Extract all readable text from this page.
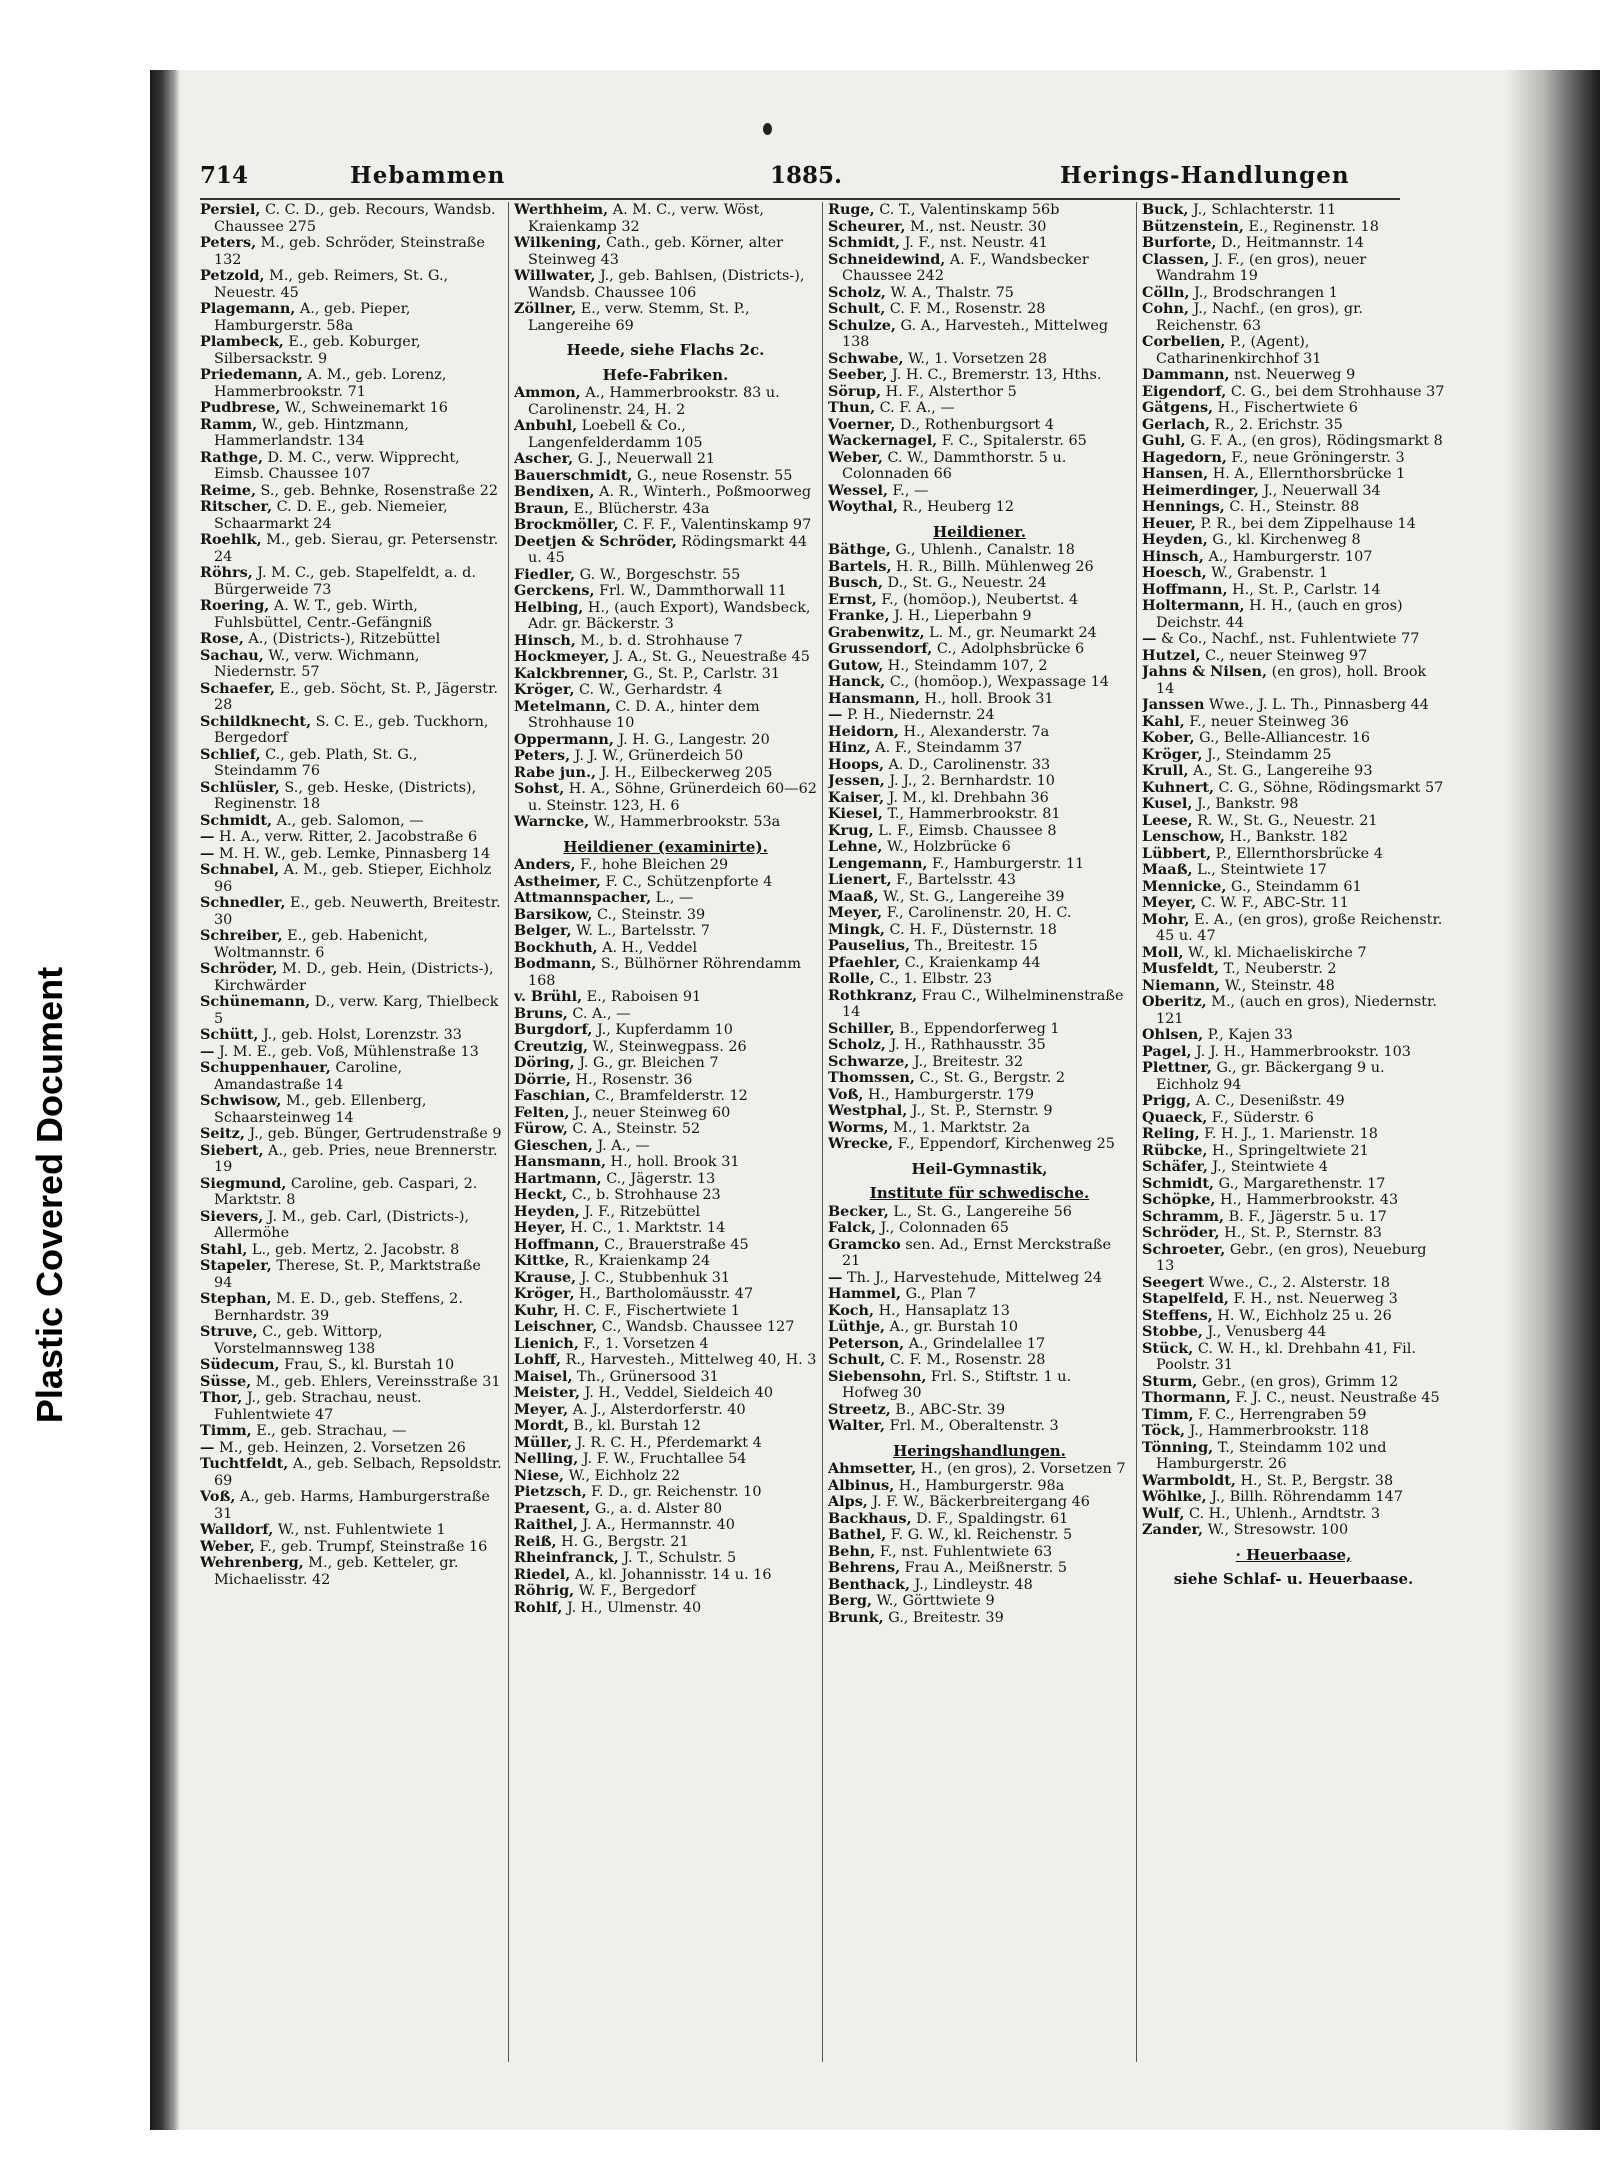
Plastic Covered Document
714	Hebammen	1885.	Herings-Handlungen
Persiel, C. C. D., geb. Recours, Wandsb. Chaussee 275
Peters, M., geb. Schröder, Steinstraße 132
Petzold, M., geb. Reimers, St. G., Neuestr. 45
Plagemann, A., geb. Pieper, Hamburgerstr. 58a
Plambeck, E., geb. Koburger, Silbersackstr. 9
Priedemann, A. M., geb. Lorenz, Hammerbrookstr. 71
Pudbrese, W., Schweinemarkt 16
Ramm, W., geb. Hintzmann, Hammerlandstr. 134
Rathge, D. M. C., verw. Wipprecht, Eimsb. Chaussee 107
Reime, S., geb. Behnke, Rosenstraße 22
Ritscher, C. D. E., geb. Niemeier, Schaarmarkt 24
Roehlk, M., geb. Sierau, gr. Petersenstr. 24
Röhrs, J. M. C., geb. Stapelfeldt, a. d. Bürgerweide 73
Roering, A. W. T., geb. Wirth, Fuhlsbüttel, Centr.-Gefängniß
Rose, A., (Districts-), Ritzebüttel
Sachau, W., verw. Wichmann, Niedernstr. 57
Schaefer, E., geb. Söcht, St. P., Jägerstr. 28
Schildknecht, S. C. E., geb. Tuckhorn, Bergedorf
Schlief, C., geb. Plath, St. G., Steindamm 76
Schlüsler, S., geb. Heske, (Districts), Reginenstr. 18
Schmidt, A., geb. Salomon, —
— H. A., verw. Ritter, 2. Jacobstraße 6
— M. H. W., geb. Lemke, Pinnasberg 14
Schnabel, A. M., geb. Stieper, Eichholz 96
Schnedler, E., geb. Neuwerth, Breitestr. 30
Schreiber, E., geb. Habenicht, Woltmannstr. 6
Schröder, M. D., geb. Hein, (Districts-), Kirchwärder
Schünemann, D., verw. Karg, Thielbeck 5
Schütt, J., geb. Holst, Lorenzstr. 33
— J. M. E., geb. Voß, Mühlenstraße 13
Schuppenhauer, Caroline, Amandastraße 14
Schwisow, M., geb. Ellenberg, Schaarsteinweg 14
Seitz, J., geb. Bünger, Gertrudenstraße 9
Siebert, A., geb. Pries, neue Brennerstr. 19
Siegmund, Caroline, geb. Caspari, 2. Marktstr. 8
Sievers, J. M., geb. Carl, (Districts-), Allermöhe
Stahl, L., geb. Mertz, 2. Jacobstr. 8
Stapeler, Therese, St. P., Marktstraße 94
Stephan, M. E. D., geb. Steffens, 2. Bernhardstr. 39
Struve, C., geb. Wittorp, Vorstelmannsweg 138
Südecum, Frau, S., kl. Burstah 10
Süsse, M., geb. Ehlers, Vereinsstraße 31
Thor, J., geb. Strachau, neust. Fuhlentwiete 47
Timm, E., geb. Strachau, —
— M., geb. Heinzen, 2. Vorsetzen 26
Tuchtfeldt, A., geb. Selbach, Repsoldstr. 69
Voß, A., geb. Harms, Hamburgerstraße 31
Walldorf, W., nst. Fuhlentwiete 1
Weber, F., geb. Trumpf, Steinstraße 16
Wehrenberg, M., geb. Ketteler, gr. Michaelisstr. 42
Werthheim, A. M. C., verw. Wöst, Kraienkamp 32
Wilkening, Cath., geb. Körner, alter Steinweg 43
Willwater, J., geb. Bahlsen, (Districts-), Wandsb. Chaussee 106
Zöllner, E., verw. Stemm, St. P., Langereihe 69
Heede, siehe Flachs 2c.
Hefe-Fabriken.
Ammon, A., Hammerbrookstr. 83 u. Carolinenstr. 24, H. 2
Anbuhl, Loebell & Co., Langenfelderdamm 105
Ascher, G. J., Neuerwall 21
Bauerschmidt, G., neue Rosenstr. 55
Bendixen, A. R., Winterh., Poßmoorweg
Braun, E., Blücherstr. 43a
Brockmöller, C. F. F., Valentinskamp 97
Deetjen & Schröder, Rödingsmarkt 44 u. 45
Fiedler, G. W., Borgeschstr. 55
Gerckens, Frl. W., Dammthorwall 11
Helbing, H., (auch Export), Wandsbeck, Adr. gr. Bäckerstr. 3
Hinsch, M., b. d. Strohhause 7
Hockmeyer, J. A., St. G., Neuestraße 45
Kalckbrenner, G., St. P., Carlstr. 31
Kröger, C. W., Gerhardstr. 4
Metelmann, C. D. A., hinter dem Strohhause 10
Oppermann, J. H. G., Langestr. 20
Peters, J. J. W., Grünerdeich 50
Rabe jun., J. H., Eilbeckerweg 205
Sohst, H. A., Söhne, Grünerdeich 60—62 u. Steinstr. 123, H. 6
Warncke, W., Hammerbrookstr. 53a
Heildiener (examinirte).
Anders, F., hohe Bleichen 29
Astheimer, F. C., Schützenpforte 4
Attmannspacher, L., —
Barsikow, C., Steinstr. 39
Belger, W. L., Bartelsstr. 7
Bockhuth, A. H., Veddel
Bodmann, S., Bülhörner Röhrendamm 168
v. Brühl, E., Raboisen 91
Bruns, C. A., —
Burgdorf, J., Kupferdamm 10
Creutzig, W., Steinwegpass. 26
Döring, J. G., gr. Bleichen 7
Dörrie, H., Rosenstr. 36
Faschian, C., Bramfelderstr. 12
Felten, J., neuer Steinweg 60
Fürow, C. A., Steinstr. 52
Gieschen, J. A., —
Hansmann, H., holl. Brook 31
Hartmann, C., Jägerstr. 13
Heckt, C., b. Strohhause 23
Heyden, J. F., Ritzebüttel
Heyer, H. C., 1. Marktstr. 14
Hoffmann, C., Brauerstraße 45
Kittke, R., Kraienkamp 24
Krause, J. C., Stubbenhuk 31
Kröger, H., Bartholomäusstr. 47
Kuhr, H. C. F., Fischertwiete 1
Leischner, C., Wandsb. Chaussee 127
Lienich, F., 1. Vorsetzen 4
Lohff, R., Harvesteh., Mittelweg 40, H. 3
Maisel, Th., Grünersood 31
Meister, J. H., Veddel, Sieldeich 40
Meyer, A. J., Alsterdorferstr. 40
Mordt, B., kl. Burstah 12
Müller, J. R. C. H., Pferdemarkt 4
Nelling, J. F. W., Fruchtallee 54
Niese, W., Eichholz 22
Pietzsch, F. D., gr. Reichenstr. 10
Praesent, G., a. d. Alster 80
Raithel, J. A., Hermannstr. 40
Reiß, H. G., Bergstr. 21
Rheinfranck, J. T., Schulstr. 5
Riedel, A., kl. Johannisstr. 14 u. 16
Röhrig, W. F., Bergedorf
Rohlf, J. H., Ulmenstr. 40
Ruge, C. T., Valentinskamp 56b
Scheurer, M., nst. Neustr. 30
Schmidt, J. F., nst. Neustr. 41
Schneidewind, A. F., Wandsbecker Chaussee 242
Scholz, W. A., Thalstr. 75
Schult, C. F. M., Rosenstr. 28
Schulze, G. A., Harvesteh., Mittelweg 138
Schwabe, W., 1. Vorsetzen 28
Seeber, J. H. C., Bremerstr. 13, Hths.
Sörup, H. F., Alsterthor 5
Thun, C. F. A., —
Voerner, D., Rothenburgsort 4
Wackernagel, F. C., Spitalerstr. 65
Weber, C. W., Dammthorstr. 5 u. Colonnaden 66
Wessel, F., —
Woythal, R., Heuberg 12
Heildiener.
Bäthge, G., Uhlenh., Canalstr. 18
Bartels, H. R., Billh. Mühlenweg 26
Busch, D., St. G., Neuestr. 24
Ernst, F., (homöop.), Neubertst. 4
Franke, J. H., Lieperbahn 9
Grabenwitz, L. M., gr. Neumarkt 24
Grussendorf, C., Adolphsbrücke 6
Gutow, H., Steindamm 107, 2
Hanck, C., (homöop.), Wexpassage 14
Hansmann, H., holl. Brook 31
— P. H., Niedernstr. 24
Heidorn, H., Alexanderstr. 7a
Hinz, A. F., Steindamm 37
Hoops, A. D., Carolinenstr. 33
Jessen, J. J., 2. Bernhardstr. 10
Kaiser, J. M., kl. Drehbahn 36
Kiesel, T., Hammerbrookstr. 81
Krug, L. F., Eimsb. Chaussee 8
Lehne, W., Holzbrücke 6
Lengemann, F., Hamburgerstr. 11
Lienert, F., Bartelsstr. 43
Maaß, W., St. G., Langereihe 39
Meyer, F., Carolinenstr. 20, H. C.
Mingk, C. H. F., Düsternstr. 18
Pauselius, Th., Breitestr. 15
Pfaehler, C., Kraienkamp 44
Rolle, C., 1. Elbstr. 23
Rothkranz, Frau C., Wilhelminenstraße 14
Schiller, B., Eppendorferweg 1
Scholz, J. H., Rathhausstr. 35
Schwarze, J., Breitestr. 32
Thomssen, C., St. G., Bergstr. 2
Voß, H., Hamburgerstr. 179
Westphal, J., St. P., Sternstr. 9
Worms, M., 1. Marktstr. 2a
Wrecke, F., Eppendorf, Kirchenweg 25
Heil-Gymnastik,
Institute für schwedische.
Becker, L., St. G., Langereihe 56
Falck, J., Colonnaden 65
Gramcko sen. Ad., Ernst Merckstraße 21
— Th. J., Harvestehude, Mittelweg 24
Hammel, G., Plan 7
Koch, H., Hansaplatz 13
Lüthje, A., gr. Burstah 10
Peterson, A., Grindelallee 17
Schult, C. F. M., Rosenstr. 28
Siebensohn, Frl. S., Stiftstr. 1 u. Hofweg 30
Streetz, B., ABC-Str. 39
Walter, Frl. M., Oberaltenstr. 3
Heringshandlungen.
Ahmsetter, H., (en gros), 2. Vorsetzen 7
Albinus, H., Hamburgerstr. 98a
Alps, J. F. W., Bäckerbreitergang 46
Backhaus, D. F., Spaldingstr. 61
Bathel, F. G. W., kl. Reichenstr. 5
Behn, F., nst. Fuhlentwiete 63
Behrens, Frau A., Meißnerstr. 5
Benthack, J., Lindleystr. 48
Berg, W., Görttwiete 9
Brunk, G., Breitestr. 39
Buck, J., Schlachterstr. 11
Bützenstein, E., Reginenstr. 18
Burforte, D., Heitmannstr. 14
Classen, J. F., (en gros), neuer Wandrahm 19
Cölln, J., Brodschrangen 1
Cohn, J., Nachf., (en gros), gr. Reichenstr. 63
Corbelien, P., (Agent), Catharinenkirchhof 31
Dammann, nst. Neuerweg 9
Eigendorf, C. G., bei dem Strohhause 37
Gätgens, H., Fischertwiete 6
Gerlach, R., 2. Erichstr. 35
Guhl, G. F. A., (en gros), Rödingsmarkt 8
Hagedorn, F., neue Gröningerstr. 3
Hansen, H. A., Ellernthorsbrücke 1
Heimerdinger, J., Neuerwall 34
Hennings, C. H., Steinstr. 88
Heuer, P. R., bei dem Zippelhause 14
Heyden, G., kl. Kirchenweg 8
Hinsch, A., Hamburgerstr. 107
Hoesch, W., Grabenstr. 1
Hoffmann, H., St. P., Carlstr. 14
Holtermann, H. H., (auch en gros) Deichstr. 44
— & Co., Nachf., nst. Fuhlentwiete 77
Hutzel, C., neuer Steinweg 97
Jahns & Nilsen, (en gros), holl. Brook 14
Janssen Wwe., J. L. Th., Pinnasberg 44
Kahl, F., neuer Steinweg 36
Kober, G., Belle-Alliancestr. 16
Kröger, J., Steindamm 25
Krull, A., St. G., Langereihe 93
Kuhnert, C. G., Söhne, Rödingsmarkt 57
Kusel, J., Bankstr. 98
Leese, R. W., St. G., Neuestr. 21
Lenschow, H., Bankstr. 182
Lübbert, P., Ellernthorsbrücke 4
Maaß, L., Steintwiete 17
Mennicke, G., Steindamm 61
Meyer, C. W. F., ABC-Str. 11
Mohr, E. A., (en gros), große Reichenstr. 45 u. 47
Moll, W., kl. Michaeliskirche 7
Musfeldt, T., Neuberstr. 2
Niemann, W., Steinstr. 48
Oberitz, M., (auch en gros), Niedernstr. 121
Ohlsen, P., Kajen 33
Pagel, J. J. H., Hammerbrookstr. 103
Plettner, G., gr. Bäckergang 9 u. Eichholz 94
Prigg, A. C., Desenißstr. 49
Quaeck, F., Süderstr. 6
Reling, F. H. J., 1. Marienstr. 18
Rübcke, H., Springeltwiete 21
Schäfer, J., Steintwiete 4
Schmidt, G., Margarethenstr. 17
Schöpke, H., Hammerbrookstr. 43
Schramm, B. F., Jägerstr. 5 u. 17
Schröder, H., St. P., Sternstr. 83
Schroeter, Gebr., (en gros), Neueburg 13
Seegert Wwe., C., 2. Alsterstr. 18
Stapelfeld, F. H., nst. Neuerweg 3
Steffens, H. W., Eichholz 25 u. 26
Stobbe, J., Venusberg 44
Stück, C. W. H., kl. Drehbahn 41, Fil. Poolstr. 31
Sturm, Gebr., (en gros), Grimm 12
Thormann, F. J. C., neust. Neustraße 45
Timm, F. C., Herrengraben 59
Töck, J., Hammerbrookstr. 118
Tönning, T., Steindamm 102 und Hamburgerstr. 26
Warmboldt, H., St. P., Bergstr. 38
Wöhlke, J., Billh. Röhrendamm 147
Wulf, C. H., Uhlenh., Arndtstr. 3
Zander, W., Stresowstr. 100
· Heuerbaase,
siehe Schlaf- u. Heuerbaase.
